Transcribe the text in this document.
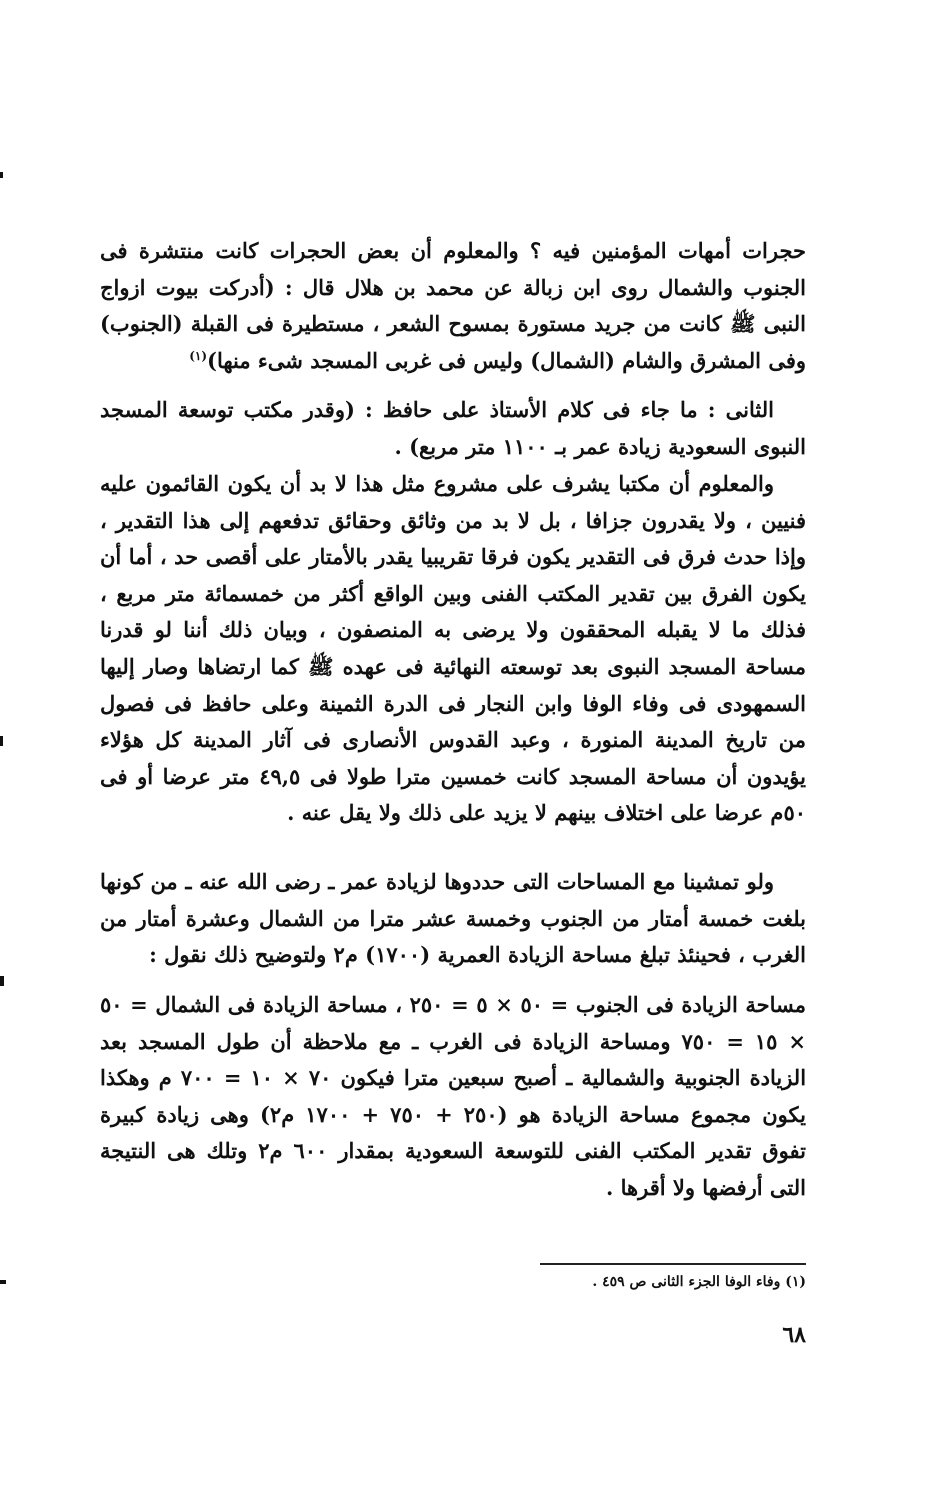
حجرات أمهات المؤمنين فيه ؟ والمعلوم أن بعض الحجرات كانت منتشرة فى الجنوب والشمال روى ابن زبالة عن محمد بن هلال قال : (أدركت بيوت ازواج النبى ﷺ كانت من جريد مستورة بمسوح الشعر ، مستطيرة فى القبلة (الجنوب) وفى المشرق والشام (الشمال) وليس فى غربى المسجد شىء منها)$^{(١)}$

الثانى : ما جاء فى كلام الأستاذ على حافظ : (وقدر مكتب توسعة المسجد النبوى السعودية زيادة عمر بـ ١١٠٠ متر مربع) .

والمعلوم أن مكتبا يشرف على مشروع مثل هذا لا بد أن يكون القائمون عليه فنيين ، ولا يقدرون جزافا ، بل لا بد من وثائق وحقائق تدفعهم إلى هذا التقدير ، وإذا حدث فرق فى التقدير يكون فرقا تقريبيا يقدر بالأمتار على أقصى حد ، أما أن يكون الفرق بين تقدير المكتب الفنى وبين الواقع أكثر من خمسمائة متر مربع ، فذلك ما لا يقبله المحققون ولا يرضى به المنصفون ، وبيان ذلك أننا لو قدرنا مساحة المسجد النبوى بعد توسعته النهائية فى عهده ﷺ كما ارتضاها وصار إليها السمهودى فى وفاء الوفا وابن النجار فى الدرة الثمينة وعلى حافظ فى فصول من تاريخ المدينة المنورة ، وعبد القدوس الأنصارى فى آثار المدينة كل هؤلاء يؤيدون أن مساحة المسجد كانت خمسين مترا طولا فى ٤٩,٥ متر عرضا أو فى ٥٠م عرضا على اختلاف بينهم لا يزيد على ذلك ولا يقل عنه .

ولو تمشينا مع المساحات التى حددوها لزيادة عمر ـ رضى الله عنه ـ من كونها بلغت خمسة أمتار من الجنوب وخمسة عشر مترا من الشمال وعشرة أمتار من الغرب ، فحينئذ تبلغ مساحة الزيادة العمرية (١٧٠٠) م٢ ولتوضيح ذلك نقول :

مساحة الزيادة فى الجنوب = ٥٠ × ٥ = ٢٥٠ ، مساحة الزيادة فى الشمال = ٥٠ × ١٥ = ٧٥٠ ومساحة الزيادة فى الغرب ـ مع ملاحظة أن طول المسجد بعد الزيادة الجنوبية والشمالية ـ أصبح سبعين مترا فيكون ٧٠ × ١٠ = ٧٠٠ م وهكذا يكون مجموع مساحة الزيادة هو (٢٥٠ + ٧٥٠ + ١٧٠٠ م٢) وهى زيادة كبيرة تفوق تقدير المكتب الفنى للتوسعة السعودية بمقدار ٦٠٠ م٢ وتلك هى النتيجة التى أرفضها ولا أقرها .

(١) وفاء الوفا الجزء الثانى ص ٤٥٩ .
٦٨
